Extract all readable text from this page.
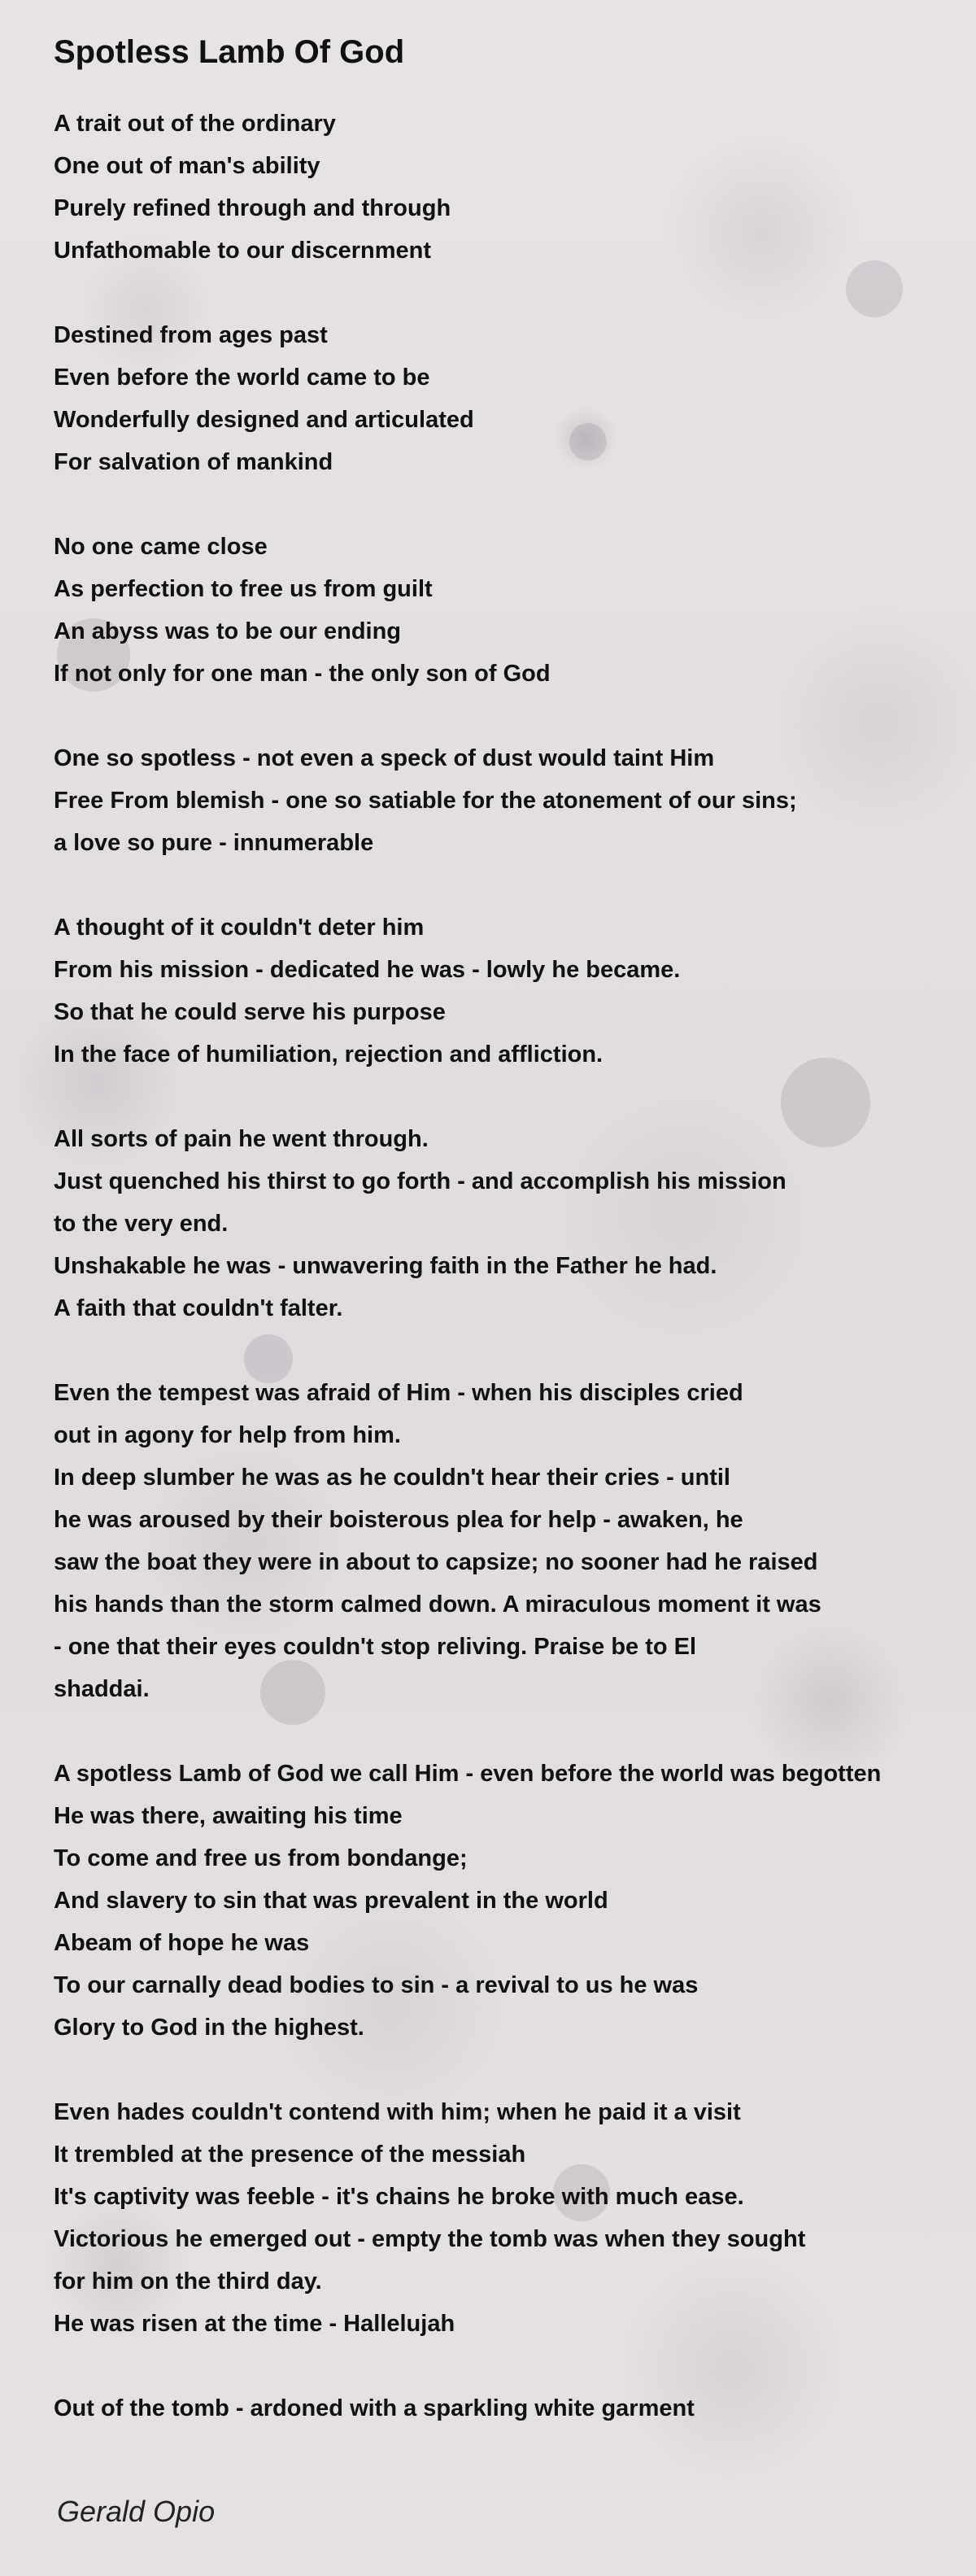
Spotless Lamb Of God
A trait out of the ordinary
One out of man's ability
Purely refined through and through
Unfathomable to our discernment
Destined from ages past
Even before the world came to be
Wonderfully designed and articulated
For salvation of mankind
No one came close
As perfection to free us from guilt
An abyss was to be our ending
If not only for one man - the only son of God
One so spotless - not even a speck of dust would taint Him
Free From blemish - one so satiable for the atonement of our sins;
a love so pure - innumerable
A thought of it couldn't deter him
From his mission - dedicated he was - lowly he became.
So that he could serve his purpose
In the face of humiliation, rejection and affliction.
All sorts of pain he went through.
Just quenched his thirst to go forth - and accomplish his mission
to the very end.
Unshakable he was - unwavering faith in the Father he had.
A faith that couldn't falter.
Even the tempest was afraid of Him - when his disciples cried
out in agony for help from him.
In deep slumber he was as he couldn't hear their cries - until
he was aroused by their boisterous plea for help - awaken, he
saw the boat they were in about to capsize; no sooner had he raised
his hands than the storm calmed down. A miraculous moment it was
- one that their eyes couldn't stop reliving. Praise be to El
shaddai.
A spotless Lamb of God we call Him - even before the world was begotten
He was there, awaiting his time
To come and free us from bondange;
And slavery to sin that was prevalent in the world
Abeam of hope he was
To our carnally dead bodies to sin - a revival to us he was
Glory to God in the highest.
Even hades couldn't contend with him; when he paid it a visit
It trembled at the presence of the messiah
It's captivity was feeble - it's chains he broke with much ease.
Victorious he emerged out - empty the tomb was when they sought
for him on the third day.
He was risen at the time - Hallelujah
Out of the tomb - ardoned with a sparkling white garment
Gerald Opio
